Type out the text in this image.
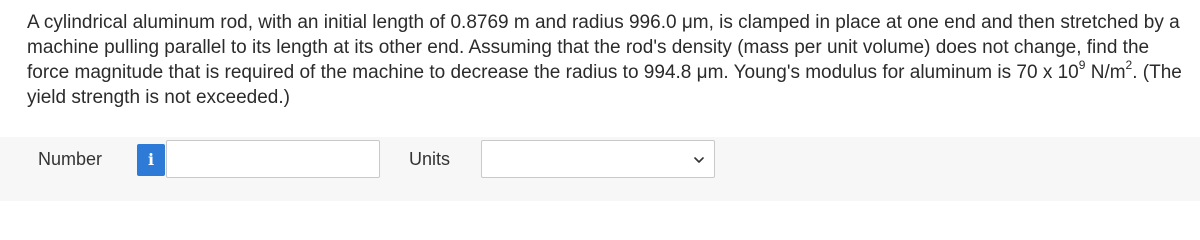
A cylindrical aluminum rod, with an initial length of 0.8769 m and radius 996.0 μm, is clamped in place at one end and then stretched by a machine pulling parallel to its length at its other end. Assuming that the rod's density (mass per unit volume) does not change, find the force magnitude that is required of the machine to decrease the radius to 994.8 μm. Young's modulus for aluminum is 70 x $10^9$ $N/m^2$. (The yield strength is not exceeded.)

Number	i	Units
